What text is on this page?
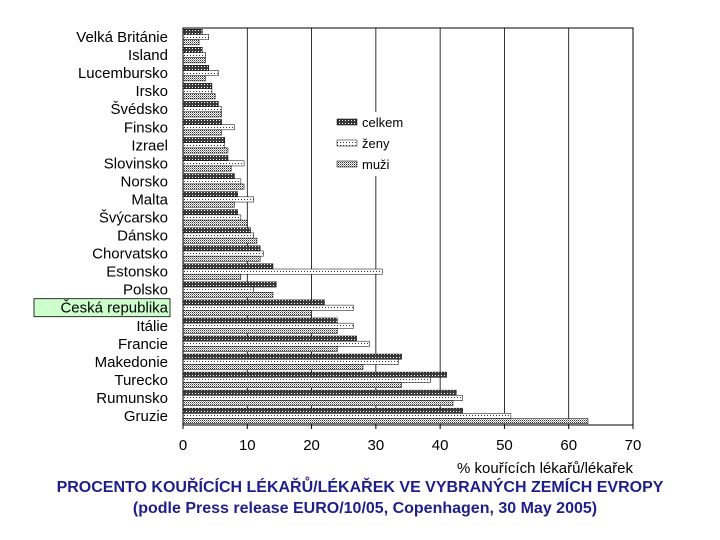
Velká Británie
Island
Lucembursko
Irsko
Švédsko
Finsko
Izrael
Slovinsko
Norsko
Malta
Švýcarsko
Dánsko
Chorvatsko
Estonsko
Polsko
Česká republika
Itálie
Francie
Makedonie
Turecko
Rumunsko
Gruzie
0	10	20	30	40	50	60	70
celkem
ženy
muži
% kouřících lékařů/lékařek
PROCENTO KOUŘÍCÍCH LÉKAŘŮ/LÉKAŘEK VE VYBRANÝCH ZEMÍCH EVROPY
(podle Press release EURO/10/05, Copenhagen, 30 May 2005)
